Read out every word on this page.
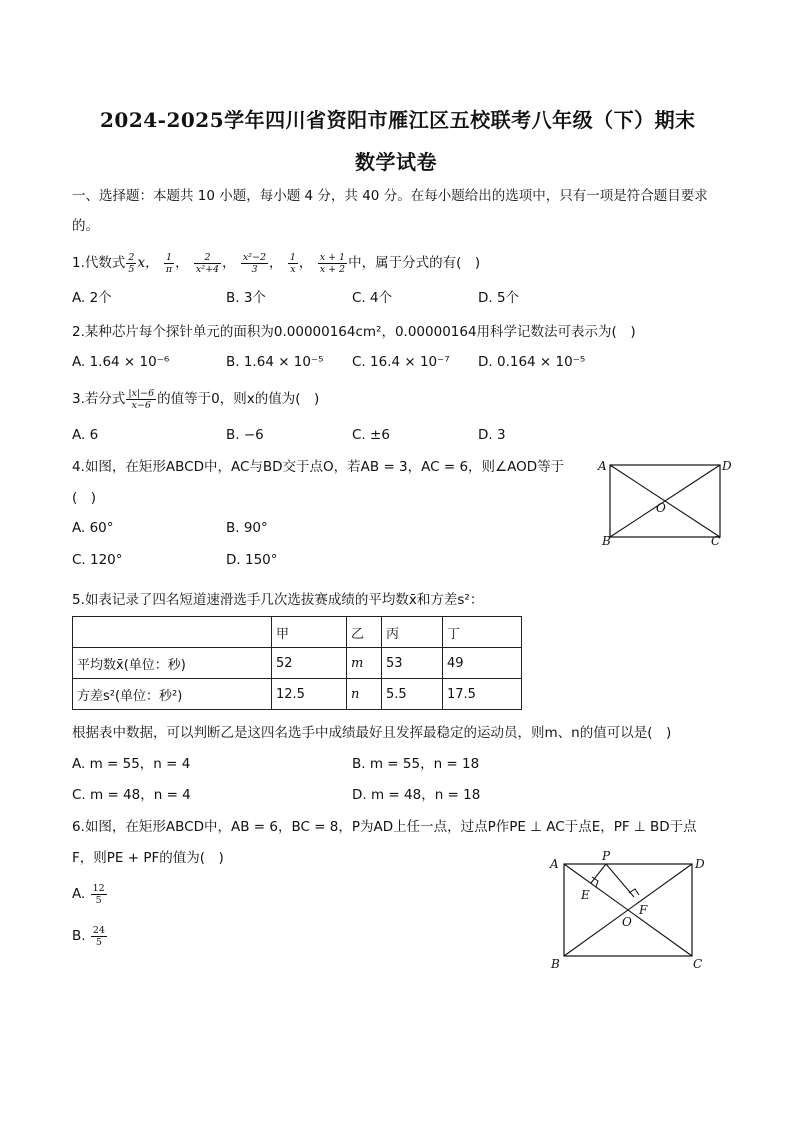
2024-2025学年四川省资阳市雁江区五校联考八年级（下）期末
数学试卷
一、选择题：本题共 10 小题，每小题 4 分，共 40 分。在每小题给出的选项中，只有一项是符合题目要求
的。
1.代数式 $\frac{2}{5}$ x， $\frac{1}{\pi}$ ， $\frac{2}{\text{x²+4}}$ ， $\frac{\text{x²−2}}{3}$ ， $\frac{1}{x}$ ， $\frac{x + 1}{x + 2}$ 中，属于分式的有(　)
A. 2个	B. 3个	C. 4个	D. 5个
2.某种芯片每个探针单元的面积为0.00000164cm²，0.00000164用科学记数法可表示为(　)
A. 1.64 × 10⁻⁶	B. 1.64 × 10⁻⁵ C. 16.4 × 10⁻⁷ D. 0.164 × 10⁻⁵
3.若分式 $\frac{|x|-6}{x-6}$ 的值等于0，则x的值为(　)
A. 6	B. −6	C. ±6	D. 3
4.如图，在矩形ABCD中，AC与BD交于点O，若AB = 3，AC = 6，则∠AOD等于
(　)
A. 60°	B. 90°
C. 120°	D. 150°
A	D
B	C
O
5.如表记录了四名短道速滑选手几次选拔赛成绩的平均数x̄和方差s²：
	甲	乙	丙	丁
平均数x̄(单位：秒)	52	m	53	49
方差s²(单位：秒²)	12.5	n	5.5	17.5
根据表中数据，可以判断乙是这四名选手中成绩最好且发挥最稳定的运动员，则m、n的值可以是(　)
A. m = 55，n = 4	B. m = 55，n = 18
C. m = 48，n = 4	D. m = 48，n = 18
6.如图，在矩形ABCD中，AB = 6，BC = 8，P为AD上任一点，过点P作PE ⊥ AC于点E，PF ⊥ BD于点
F，则PE + PF的值为(　)
A. $\frac{12}{5}$
B. $\frac{24}{5}$
A
P
D
E
F
O
B	C
